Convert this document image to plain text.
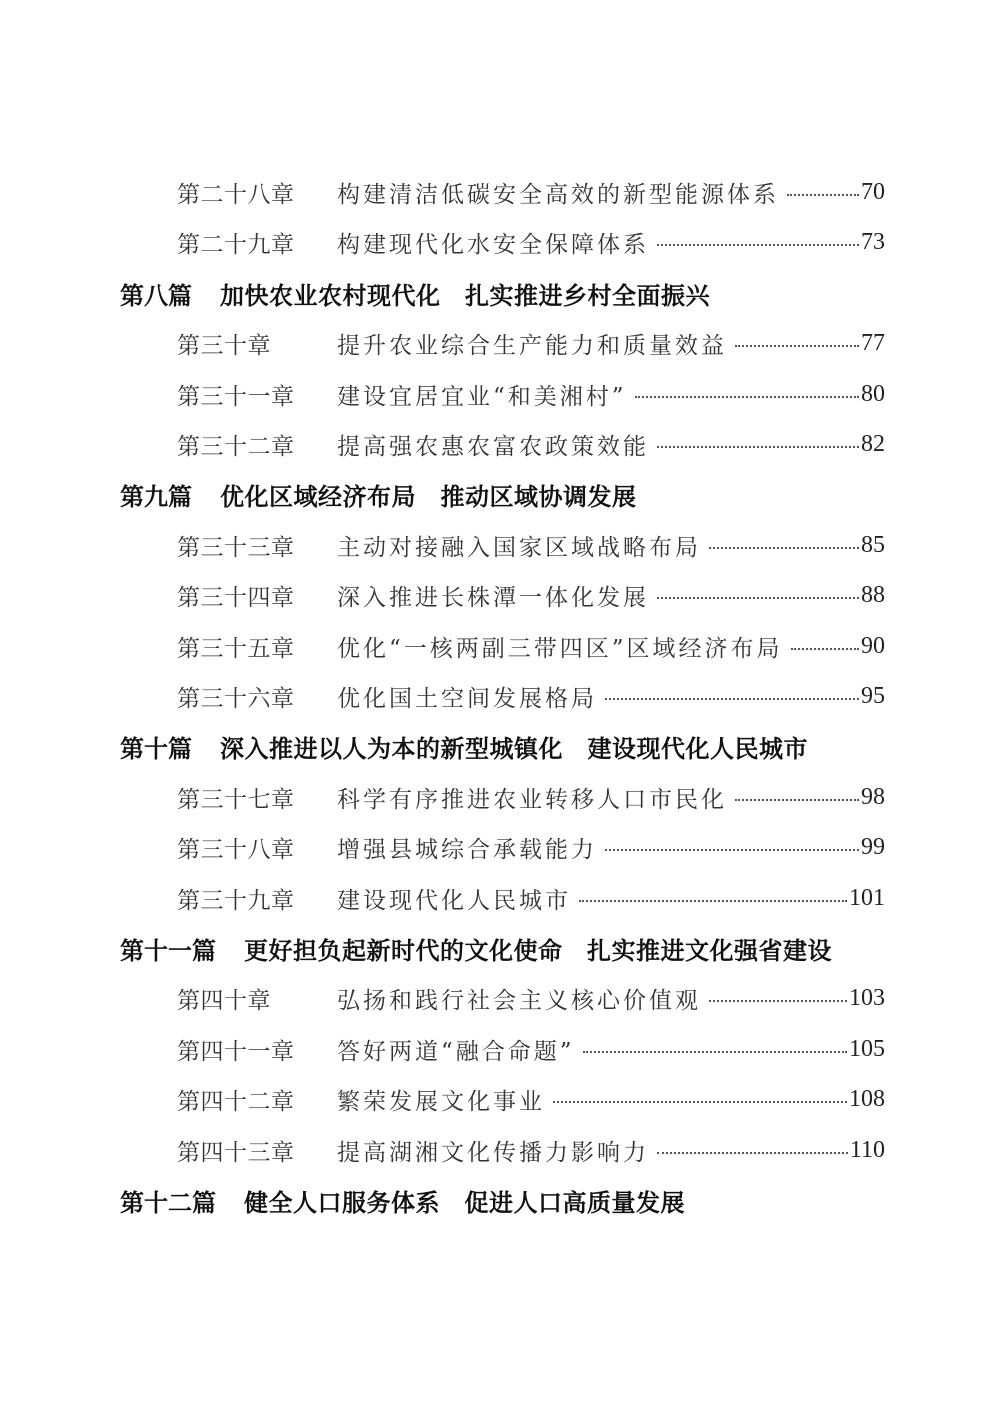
第二十八章	构建清洁低碳安全高效的新型能源体系	70
第二十九章	构建现代化水安全保障体系	73
第八篇 加快农业农村现代化　扎实推进乡村全面振兴
第三十章	提升农业综合生产能力和质量效益	77
第三十一章	建设宜居宜业“和美湘村”	80
第三十二章	提高强农惠农富农政策效能	82
第九篇 优化区域经济布局　推动区域协调发展
第三十三章	主动对接融入国家区域战略布局	85
第三十四章	深入推进长株潭一体化发展	88
第三十五章	优化“一核两副三带四区”区域经济布局	90
第三十六章	优化国土空间发展格局	95
第十篇 深入推进以人为本的新型城镇化　建设现代化人民城市
第三十七章	科学有序推进农业转移人口市民化	98
第三十八章	增强县城综合承载能力	99
第三十九章	建设现代化人民城市	101
第十一篇 更好担负起新时代的文化使命　扎实推进文化强省建设
第四十章	弘扬和践行社会主义核心价值观	103
第四十一章	答好两道“融合命题”	105
第四十二章	繁荣发展文化事业	108
第四十三章	提高湖湘文化传播力影响力	110
第十二篇 健全人口服务体系　促进人口高质量发展
